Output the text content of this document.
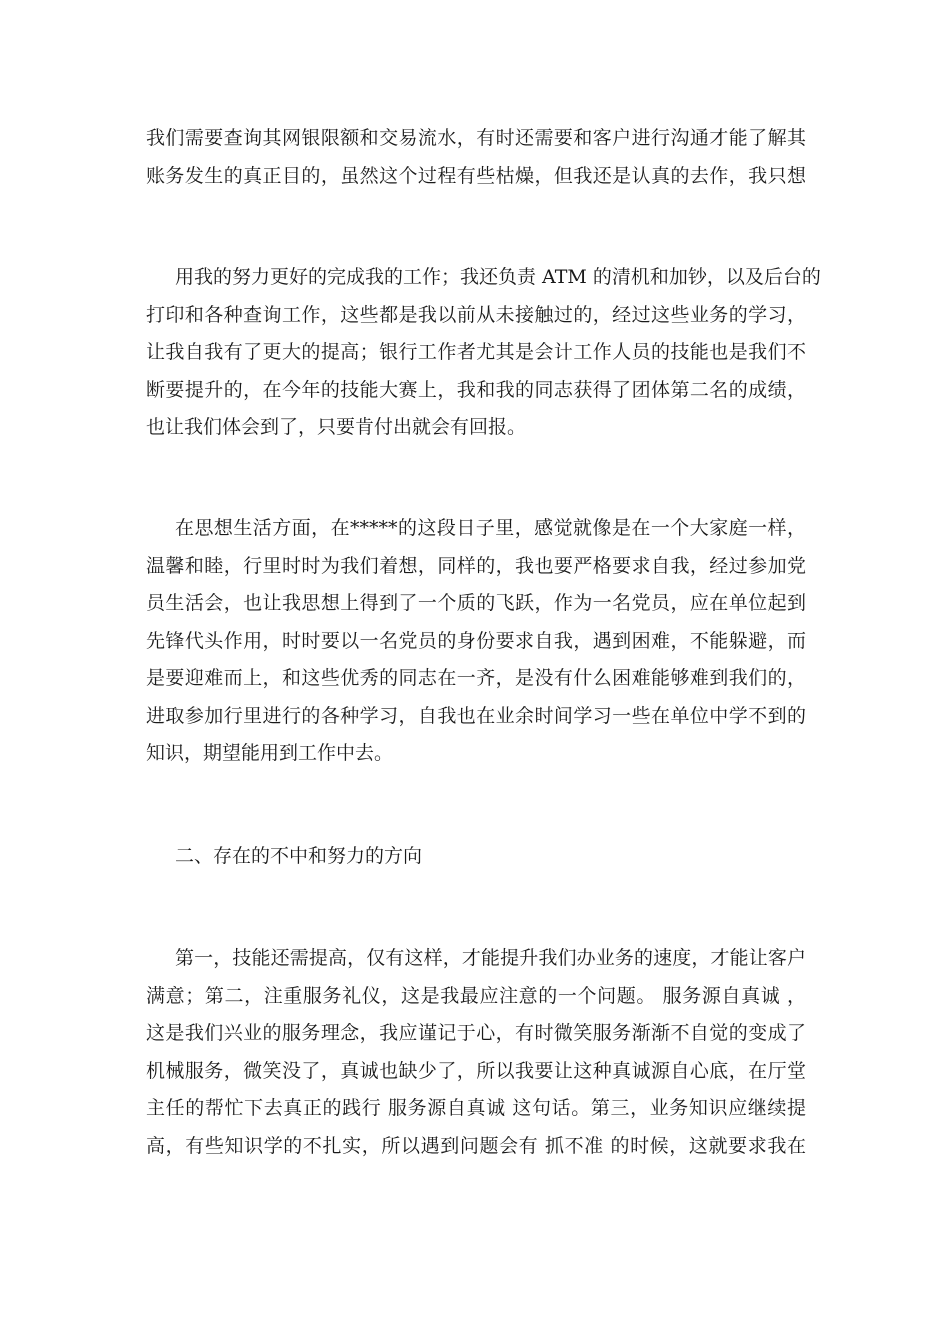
我们需要查询其网银限额和交易流水，有时还需要和客户进行沟通才能了解其
账务发生的真正目的，虽然这个过程有些枯燥，但我还是认真的去作，我只想
用我的努力更好的完成我的工作；我还负责 ATM 的清机和加钞，以及后台的
打印和各种查询工作，这些都是我以前从未接触过的，经过这些业务的学习，
让我自我有了更大的提高；银行工作者尤其是会计工作人员的技能也是我们不
断要提升的，在今年的技能大赛上，我和我的同志获得了团体第二名的成绩，
也让我们体会到了，只要肯付出就会有回报。
在思想生活方面，在*****的这段日子里，感觉就像是在一个大家庭一样，
温馨和睦，行里时时为我们着想，同样的，我也要严格要求自我，经过参加党
员生活会，也让我思想上得到了一个质的飞跃，作为一名党员，应在单位起到
先锋代头作用，时时要以一名党员的身份要求自我，遇到困难，不能躲避，而
是要迎难而上，和这些优秀的同志在一齐，是没有什么困难能够难到我们的，
进取参加行里进行的各种学习，自我也在业余时间学习一些在单位中学不到的
知识，期望能用到工作中去。
二、存在的不中和努力的方向
第一，技能还需提高，仅有这样，才能提升我们办业务的速度，才能让客户
满意；第二，注重服务礼仪，这是我最应注意的一个问题。 服务源自真诚 ，
这是我们兴业的服务理念，我应谨记于心，有时微笑服务渐渐不自觉的变成了
机械服务，微笑没了，真诚也缺少了，所以我要让这种真诚源自心底，在厅堂
主任的帮忙下去真正的践行 服务源自真诚 这句话。第三，业务知识应继续提
高，有些知识学的不扎实，所以遇到问题会有 抓不准 的时候，这就要求我在
